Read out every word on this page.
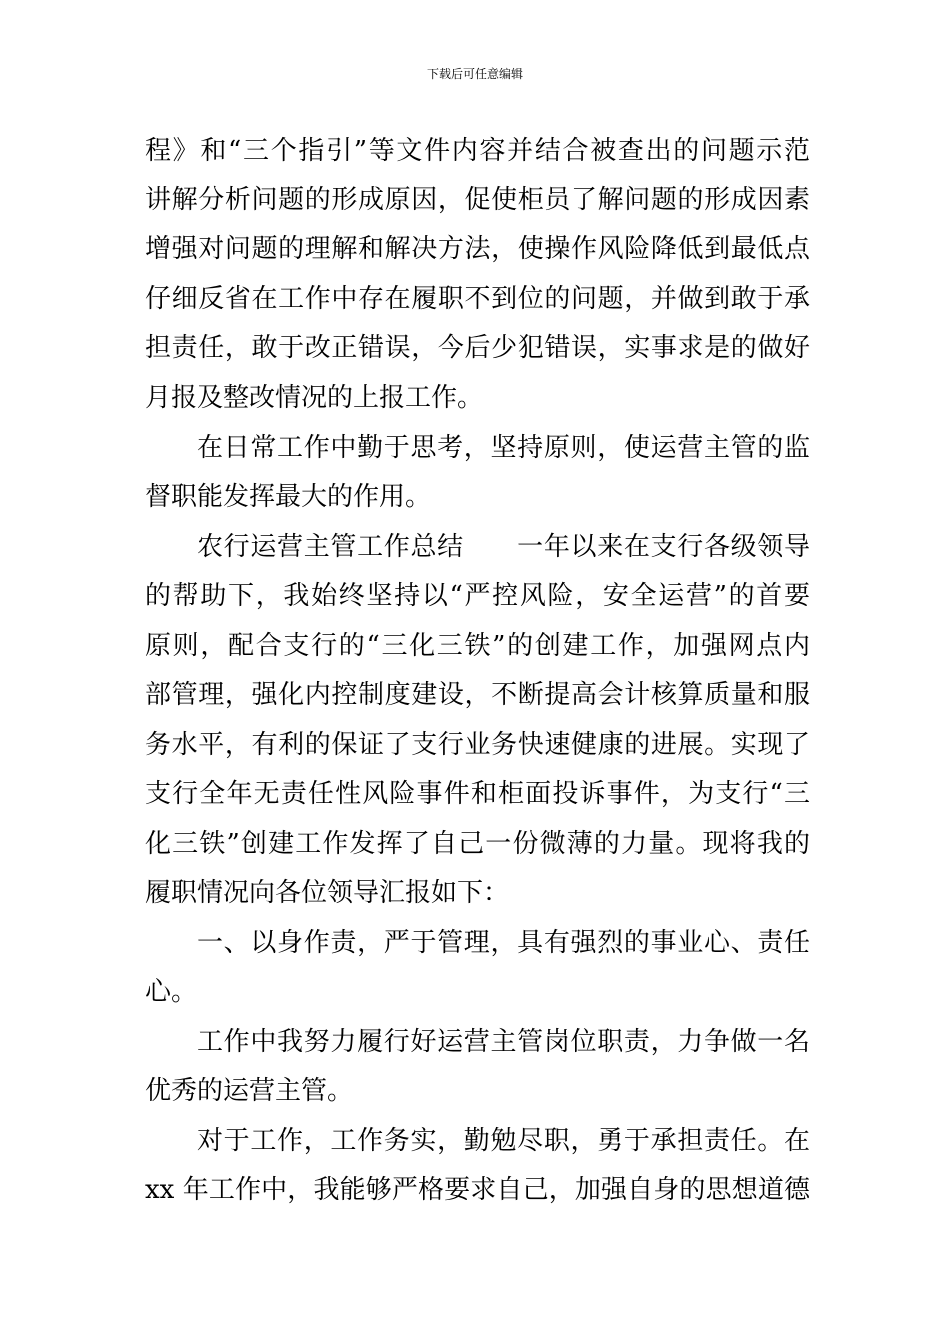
下载后可任意编辑
程》和“三个指引”等文件内容并结合被查出的问题示范
讲解分析问题的形成原因，促使柜员了解问题的形成因素
增强对问题的理解和解决方法，使操作风险降低到最低点
仔细反省在工作中存在履职不到位的问题，并做到敢于承
担责任，敢于改正错误，今后少犯错误，实事求是的做好
月报及整改情况的上报工作。
在日常工作中勤于思考，坚持原则，使运营主管的监
督职能发挥最大的作用。
农行运营主管工作总结　　一年以来在支行各级领导
的帮助下，我始终坚持以“严控风险，安全运营”的首要
原则，配合支行的“三化三铁”的创建工作，加强网点内
部管理，强化内控制度建设，不断提高会计核算质量和服
务水平，有利的保证了支行业务快速健康的进展。实现了
支行全年无责任性风险事件和柜面投诉事件，为支行“三
化三铁”创建工作发挥了自己一份微薄的力量。现将我的
履职情况向各位领导汇报如下：
一、以身作责，严于管理，具有强烈的事业心、责任
心。
工作中我努力履行好运营主管岗位职责，力争做一名
优秀的运营主管。
对于工作，工作务实，勤勉尽职，勇于承担责任。在
xx 年工作中，我能够严格要求自己，加强自身的思想道德
